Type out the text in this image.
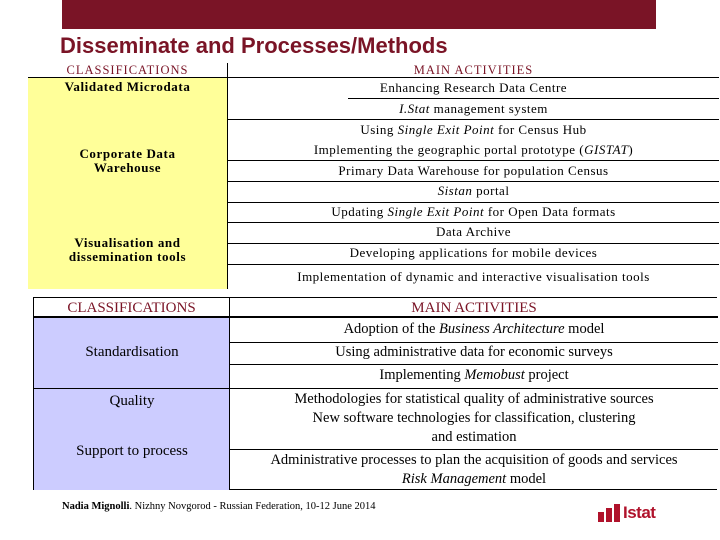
Disseminate and Processes/Methods
CLASSIFICATIONS
Validated Microdata
Corporate Data Warehouse
Visualisation and dissemination tools
MAIN ACTIVITIES
Enhancing Research Data Centre
I.Stat management system
Using Single Exit Point for Census Hub
Implementing the geographic portal prototype (GISTAT)
Primary Data Warehouse for population Census
Sistan portal
Updating Single Exit Point for Open Data formats
Data Archive
Developing applications for mobile devices
Implementation of dynamic and interactive visualisation tools
CLASSIFICATIONS	MAIN ACTIVITIES
Standardisation
Quality
Support to process
Adoption of the Business Architecture model
Using administrative data for economic surveys
Implementing Memobust project
Methodologies for statistical quality of administrative sources
New software technologies for classification, clustering
and estimation
Administrative processes to plan the acquisition of goods and services
Risk Management model
Nadia Mignolli. Nizhny Novgorod - Russian Federation, 10-12 June 2014	Istat
